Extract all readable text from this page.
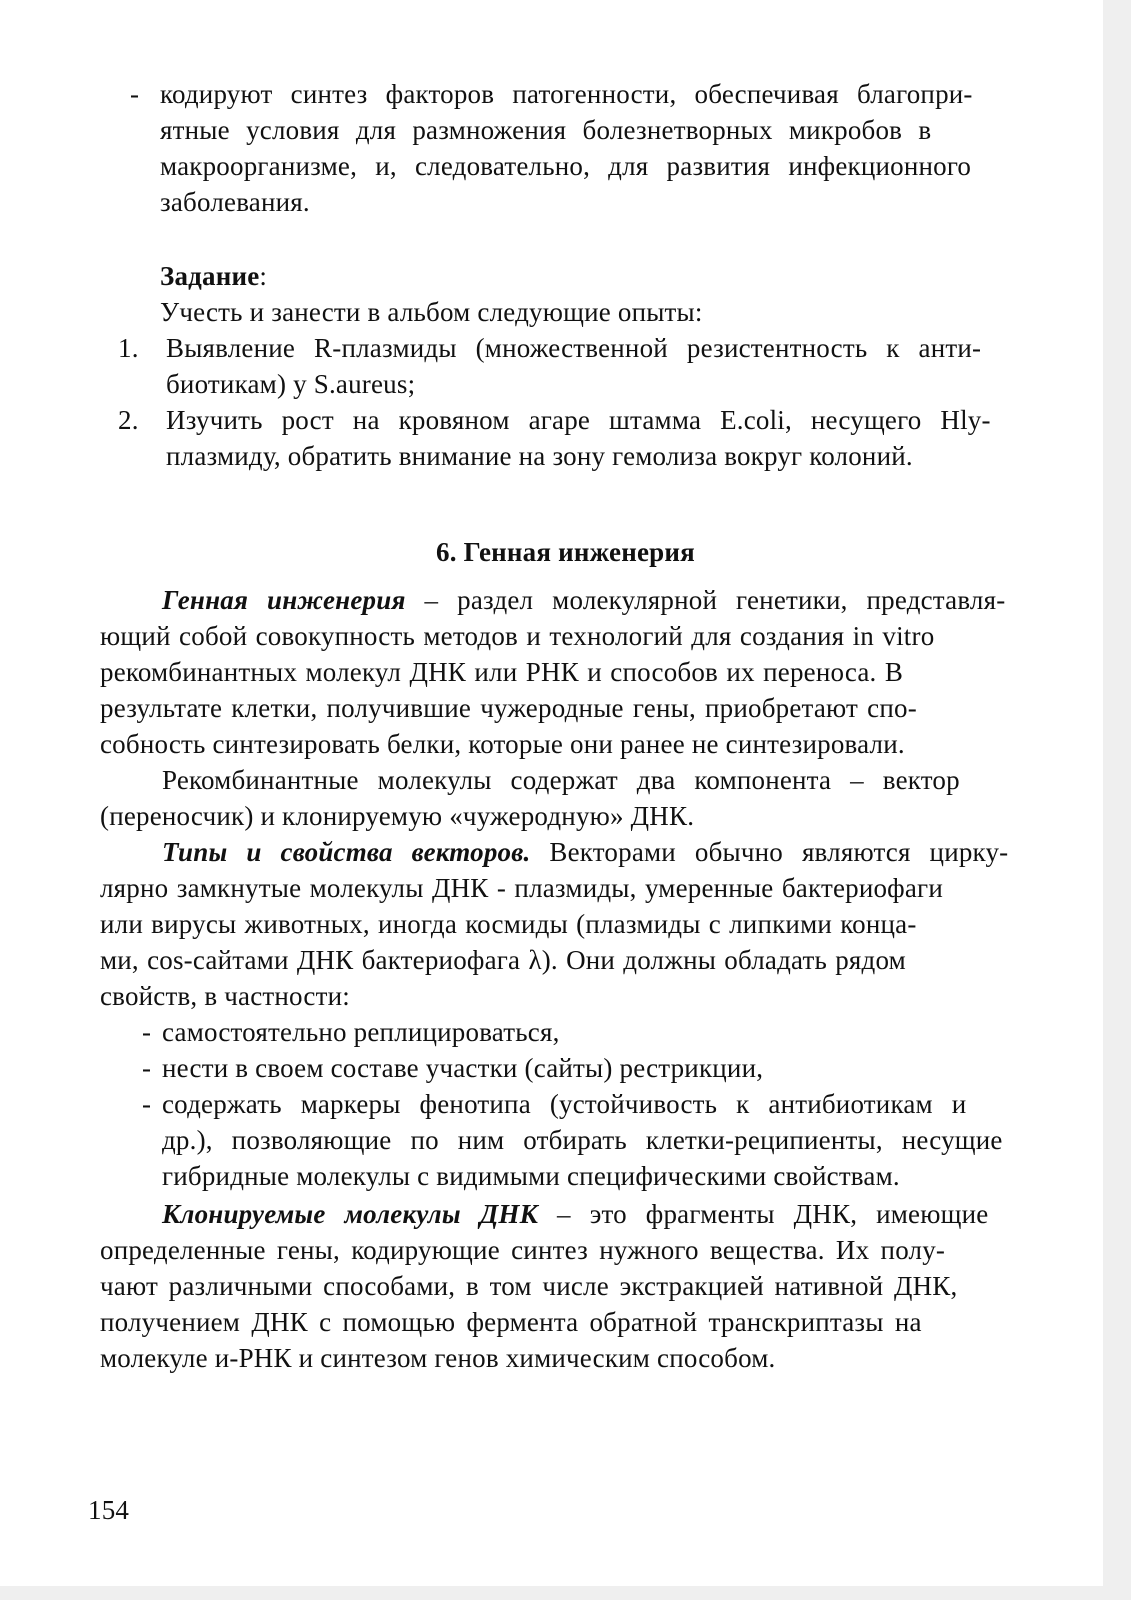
- кодируют синтез факторов патогенности, обеспечивая благопри-
ятные условия для размножения болезнетворных микробов в
макроорганизме, и, следовательно, для развития инфекционного
заболевания.
Задание:
Учесть и занести в альбом следующие опыты:
1.	Выявление R-плазмиды (множественной резистентность к анти-
биотикам) у S.aureus;
2.	Изучить рост на кровяном агаре штамма E.coli, несущего Hly-
плазмиду, обратить внимание на зону гемолиза вокруг колоний.
6. Генная инженерия
Генная инженерия – раздел молекулярной генетики, представля-
ющий собой совокупность методов и технологий для создания in vitro
рекомбинантных молекул ДНК или РНК и способов их переноса. В
результате клетки, получившие чужеродные гены, приобретают спо-
собность синтезировать белки, которые они ранее не синтезировали.
Рекомбинантные молекулы содержат два компонента – вектор
(переносчик) и клонируемую «чужеродную» ДНК.
Типы и свойства векторов. Векторами обычно являются цирку-
лярно замкнутые молекулы ДНК - плазмиды, умеренные бактериофаги
или вирусы животных, иногда космиды (плазмиды с липкими конца-
ми, cos-сайтами ДНК бактериофага λ). Они должны обладать рядом
свойств, в частности:
- самостоятельно реплицироваться,
- нести в своем составе участки (сайты) рестрикции,
- содержать маркеры фенотипа (устойчивость к антибиотикам и
др.), позволяющие по ним отбирать клетки-реципиенты, несущие
гибридные молекулы с видимыми специфическими свойствам.
Клонируемые молекулы ДНК – это фрагменты ДНК, имеющие
определенные гены, кодирующие синтез нужного вещества. Их полу-
чают различными способами, в том числе экстракцией нативной ДНК,
получением ДНК с помощью фермента обратной транскриптазы на
молекуле и-РНК и синтезом генов химическим способом.
154
